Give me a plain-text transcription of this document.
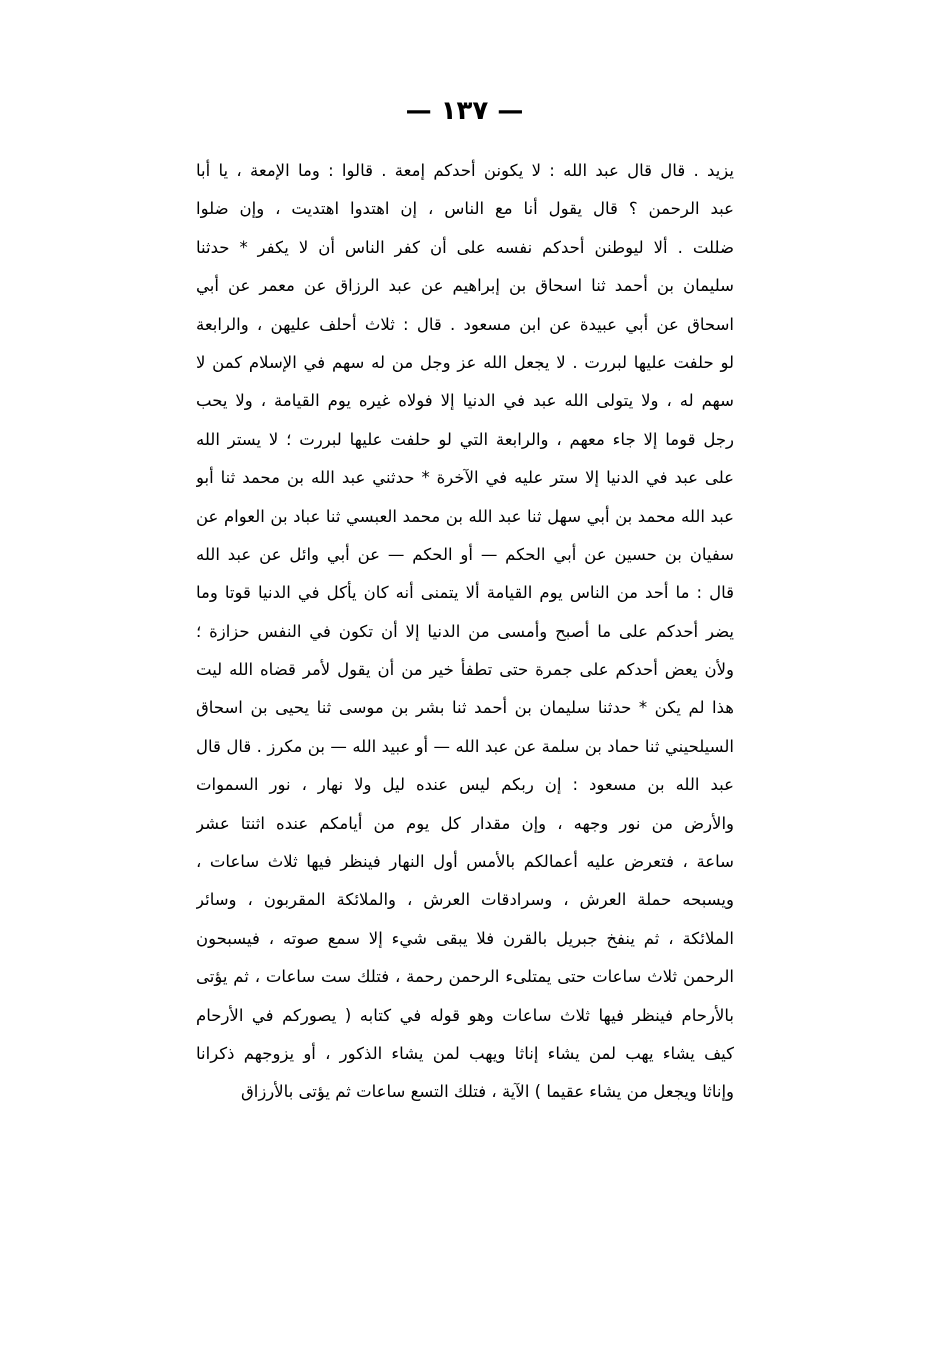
— ١٣٧ —
يزيد . قال قال عبد الله : لا يكونن أحدكم إمعة . قالوا : وما الإمعة ، يا أبا
عبد الرحمن ؟ قال يقول أنا مع الناس ، إن اهتدوا اهتديت ، وإن ضلوا
ضللت . ألا ليوطنن أحدكم نفسه على أن كفر الناس أن لا يكفر * حدثنا
سليمان بن أحمد ثنا اسحاق بن إبراهيم عن عبد الرزاق عن معمر عن أبي
اسحاق عن أبي عبيدة عن ابن مسعود . قال : ثلاث أحلف عليهن ، والرابعة
لو حلفت عليها لبررت . لا يجعل الله عز وجل من له سهم في الإسلام كمن لا
سهم له ، ولا يتولى الله عبد في الدنيا إلا فولاه غيره يوم القيامة ، ولا يحب
رجل قوما إلا جاء معهم ، والرابعة التي لو حلفت عليها لبررت ؛ لا يستر الله
على عبد في الدنيا إلا ستر عليه في الآخرة * حدثني عبد الله بن محمد ثنا أبو
عبد الله محمد بن أبي سهل ثنا عبد الله بن محمد العبسي ثنا عباد بن العوام عن
سفيان بن حسين عن أبي الحكم — أو الحكم — عن أبي وائل عن عبد الله
قال : ما أحد من الناس يوم القيامة ألا يتمنى أنه كان يأكل في الدنيا قوتا وما
يضر أحدكم على ما أصبح وأمسى من الدنيا إلا أن تكون في النفس حزازة ؛
ولأن يعض أحدكم على جمرة حتى تطفأ خير من أن يقول لأمر قضاه الله ليت
هذا لم يكن * حدثنا سليمان بن أحمد ثنا بشر بن موسى ثنا يحيى بن اسحاق
السيلحيني ثنا حماد بن سلمة عن عبد الله — أو عبيد الله — بن مكرز . قال قال
عبد الله بن مسعود : إن ربكم ليس عنده ليل ولا نهار ، نور السموات
والأرض من نور وجهه ، وإن مقدار كل يوم من أيامكم عنده اثنتا عشر
ساعة ، فتعرض عليه أعمالكم بالأمس أول النهار فينظر فيها ثلاث ساعات ،
ويسبحه حملة العرش ، وسرادقات العرش ، والملائكة المقربون ، وسائر
الملائكة ، ثم ينفخ جبريل بالقرن فلا يبقى شيء إلا سمع صوته ، فيسبحون
الرحمن ثلاث ساعات حتى يمتلىء الرحمن رحمة ، فتلك ست ساعات ، ثم يؤتى
بالأرحام فينظر فيها ثلاث ساعات وهو قوله في كتابه ( يصوركم في الأرحام
كيف يشاء يهب لمن يشاء إناثا ويهب لمن يشاء الذكور ، أو يزوجهم ذكرانا
وإناثا ويجعل من يشاء عقيما ) الآية ، فتلك التسع ساعات ثم يؤتى بالأرزاق
